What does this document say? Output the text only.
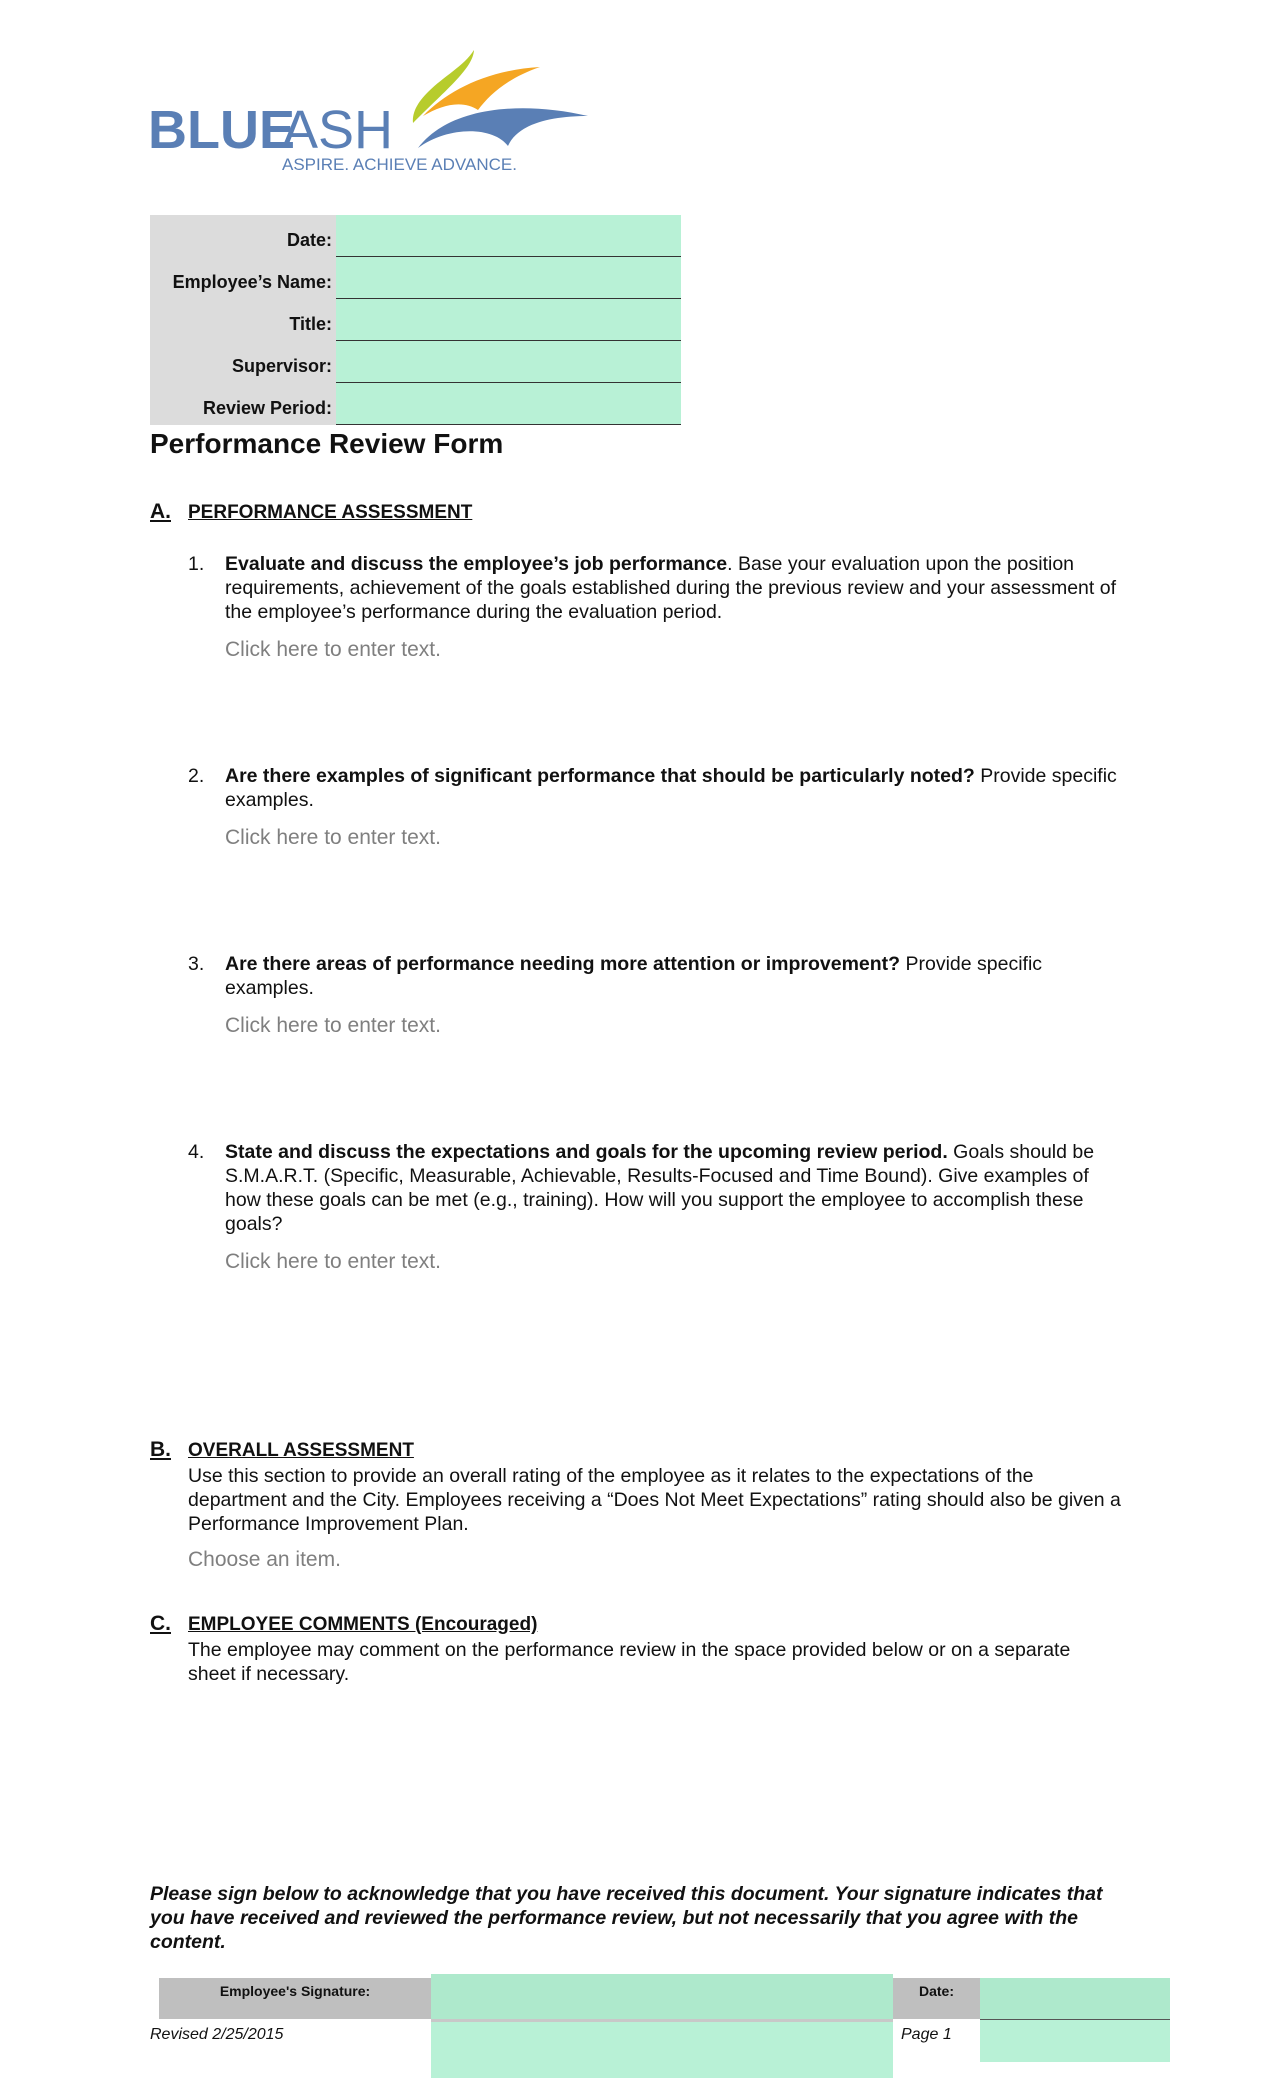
BLUE
ASH
ASPIRE. ACHIEVE ADVANCE.
Date:
Employee’s Name:
Title:
Supervisor:
Review Period:
Performance Review Form
A. PERFORMANCE ASSESSMENT
1. Evaluate and discuss the employee’s job performance. Base your evaluation upon the position requirements, achievement of the goals established during the previous review and your assessment of the employee’s performance during the evaluation period.
Click here to enter text.
2. Are there examples of significant performance that should be particularly noted? Provide specific examples.
Click here to enter text.
3. Are there areas of performance needing more attention or improvement? Provide specific examples.
Click here to enter text.
4. State and discuss the expectations and goals for the upcoming review period. Goals should be S.M.A.R.T. (Specific, Measurable, Achievable, Results-Focused and Time Bound). Give examples of how these goals can be met (e.g., training). How will you support the employee to accomplish these goals?
Click here to enter text.
B. OVERALL ASSESSMENT
Use this section to provide an overall rating of the employee as it relates to the expectations of the department and the City. Employees receiving a “Does Not Meet Expectations” rating should also be given a Performance Improvement Plan.
Choose an item.
C. EMPLOYEE COMMENTS (Encouraged)
The employee may comment on the performance review in the space provided below or on a separate sheet if necessary.
Please sign below to acknowledge that you have received this document. Your signature indicates that you have received and reviewed the performance review, but not necessarily that you agree with the content.
Employee's Signature:	Date:
Revised 2/25/2015	Page 1
